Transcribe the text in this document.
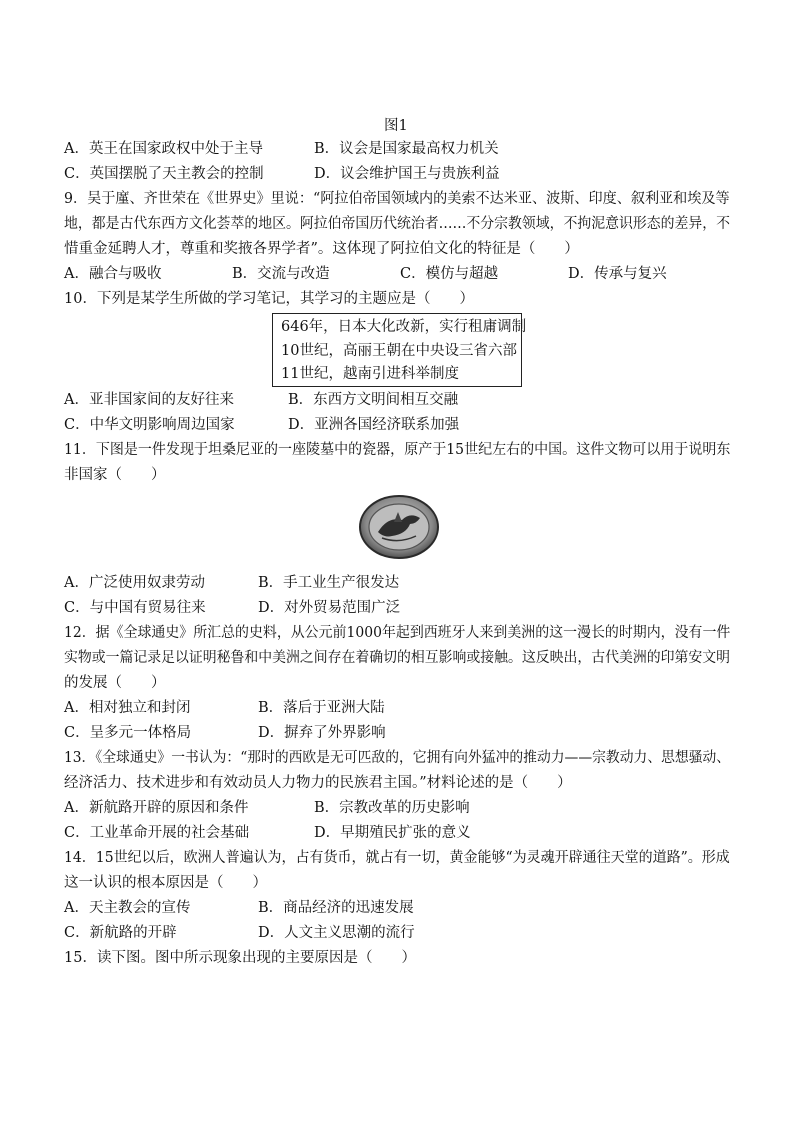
图1
A．英王在国家政权中处于主导	B．议会是国家最高权力机关
C．英国摆脱了天主教会的控制	D．议会维护国王与贵族利益
9．吴于廑、齐世荣在《世界史》里说：“阿拉伯帝国领域内的美索不达米亚、波斯、印度、叙利亚和埃及等
地，都是古代东西方文化荟萃的地区。阿拉伯帝国历代统治者……不分宗教领域，不拘泥意识形态的差异，不
惜重金延聘人才，尊重和奖掖各界学者”。这体现了阿拉伯文化的特征是（　　）
A．融合与吸收	B．交流与改造	C．模仿与超越	D．传承与复兴
10．下列是某学生所做的学习笔记，其学习的主题应是（　　）
646年，日本大化改新，实行租庸调制
10世纪，高丽王朝在中央设三省六部
11世纪，越南引进科举制度
A．亚非国家间的友好往来	B．东西方文明间相互交融
C．中华文明影响周边国家	D．亚洲各国经济联系加强
11．下图是一件发现于坦桑尼亚的一座陵墓中的瓷器，原产于15世纪左右的中国。这件文物可以用于说明东
非国家（　　）
A．广泛使用奴隶劳动	B．手工业生产很发达
C．与中国有贸易往来	D．对外贸易范围广泛
12．据《全球通史》所汇总的史料，从公元前1000年起到西班牙人来到美洲的这一漫长的时期内，没有一件
实物或一篇记录足以证明秘鲁和中美洲之间存在着确切的相互影响或接触。这反映出，古代美洲的印第安文明
的发展（　　）
A．相对独立和封闭	B．落后于亚洲大陆
C．呈多元一体格局	D．摒弃了外界影响
13．《全球通史》一书认为：“那时的西欧是无可匹敌的，它拥有向外猛冲的推动力——宗教动力、思想骚动、
经济活力、技术进步和有效动员人力物力的民族君主国。”材料论述的是（　　）
A．新航路开辟的原因和条件	B．宗教改革的历史影响
C．工业革命开展的社会基础	D．早期殖民扩张的意义
14．15世纪以后，欧洲人普遍认为，占有货币，就占有一切，黄金能够“为灵魂开辟通往天堂的道路”。形成
这一认识的根本原因是（　　）
A．天主教会的宣传	B．商品经济的迅速发展
C．新航路的开辟	D．人文主义思潮的流行
15．读下图。图中所示现象出现的主要原因是（　　）
